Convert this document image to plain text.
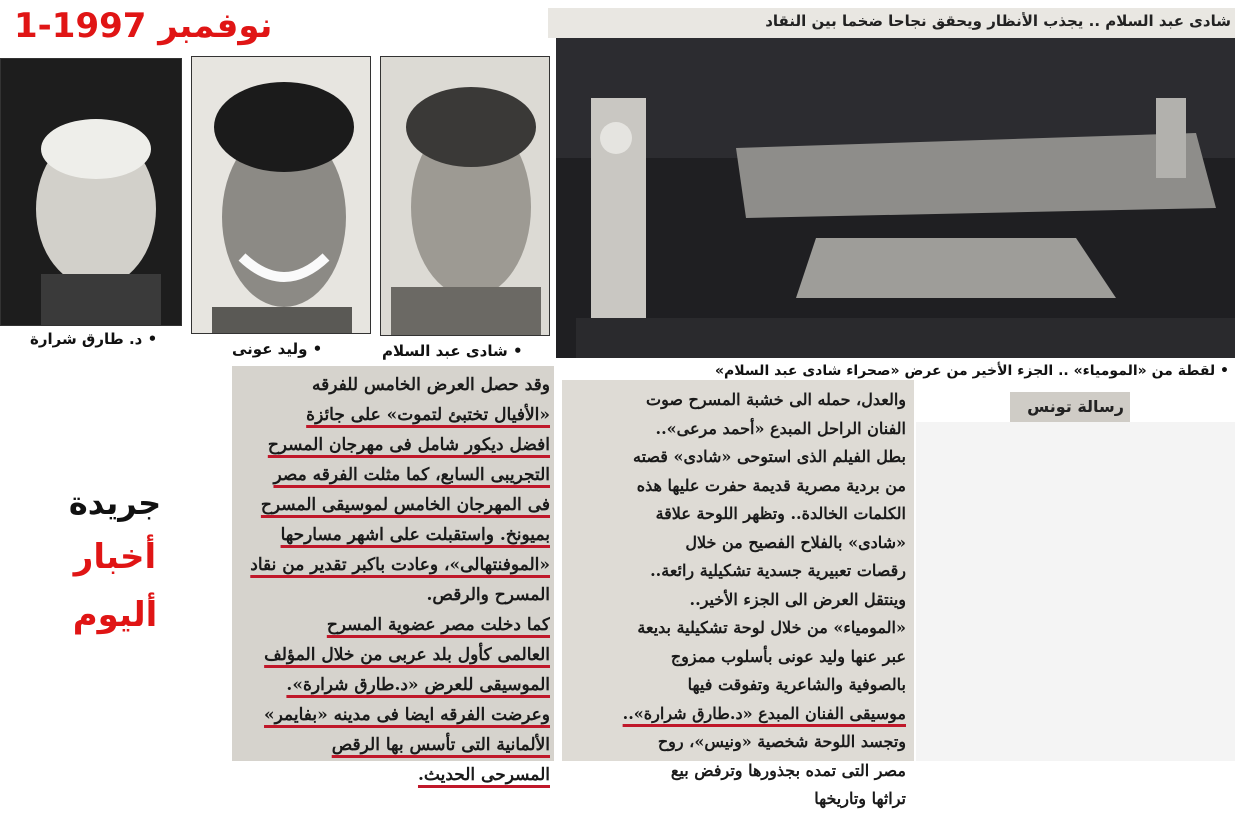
نوفمبر 1997-1	شادى عبد السلام .. يجذب الأنظار ويحقق نجاحا ضخما بين النقاد
• د. طارق شرارة
• وليد عونى	• شادى عبد السلام
• لقطة من «المومياء» .. الجزء الأخير من عرض «صحراء شادى عبد السلام»
وقد حصل العرض الخامس للفرقه
«الأفيال تختبئ لتموت» على جائزة
افضل ديكور شامل فى مهرجان المسرح
التجريبى السابع، كما مثلت الفرقه مصر
فى المهرجان الخامس لموسيقى المسرح
بميونخ. واستقبلت على اشهر مسارحها
«الموفنتهالى»، وعادت باكبر تقدير من نقاد
المسرح والرقص.
كما دخلت مصر عضوية المسرح
العالمى كأول بلد عربى من خلال المؤلف
الموسيقى للعرض «د.طارق شرارة».
وعرضت الفرقه ايضا فى مدينه «بفايمر»
الألمانية التى تأسس بها الرقص
المسرحى الحديث.
والعدل، حمله الى خشبة المسرح صوت
الفنان الراحل المبدع «أحمد مرعى»..
بطل الفيلم الذى استوحى «شادى» قصته
من بردية مصرية قديمة حفرت عليها هذه
الكلمات الخالدة.. وتظهر اللوحة علاقة
«شادى» بالفلاح الفصيح من خلال
رقصات تعبيرية جسدية تشكيلية رائعة..
وينتقل العرض الى الجزء الأخير..
«المومياء» من خلال لوحة تشكيلية بديعة
عبر عنها وليد عونى بأسلوب ممزوج
بالصوفية والشاعرية وتفوقت فيها
موسيقى الفنان المبدع «د.طارق شرارة»..
وتجسد اللوحة شخصية «ونيس»، روح
مصر التى تمده بجذورها وترفض بيع
تراثها وتاريخها
رسالة تونس
جريدة
أخبار
أليوم
